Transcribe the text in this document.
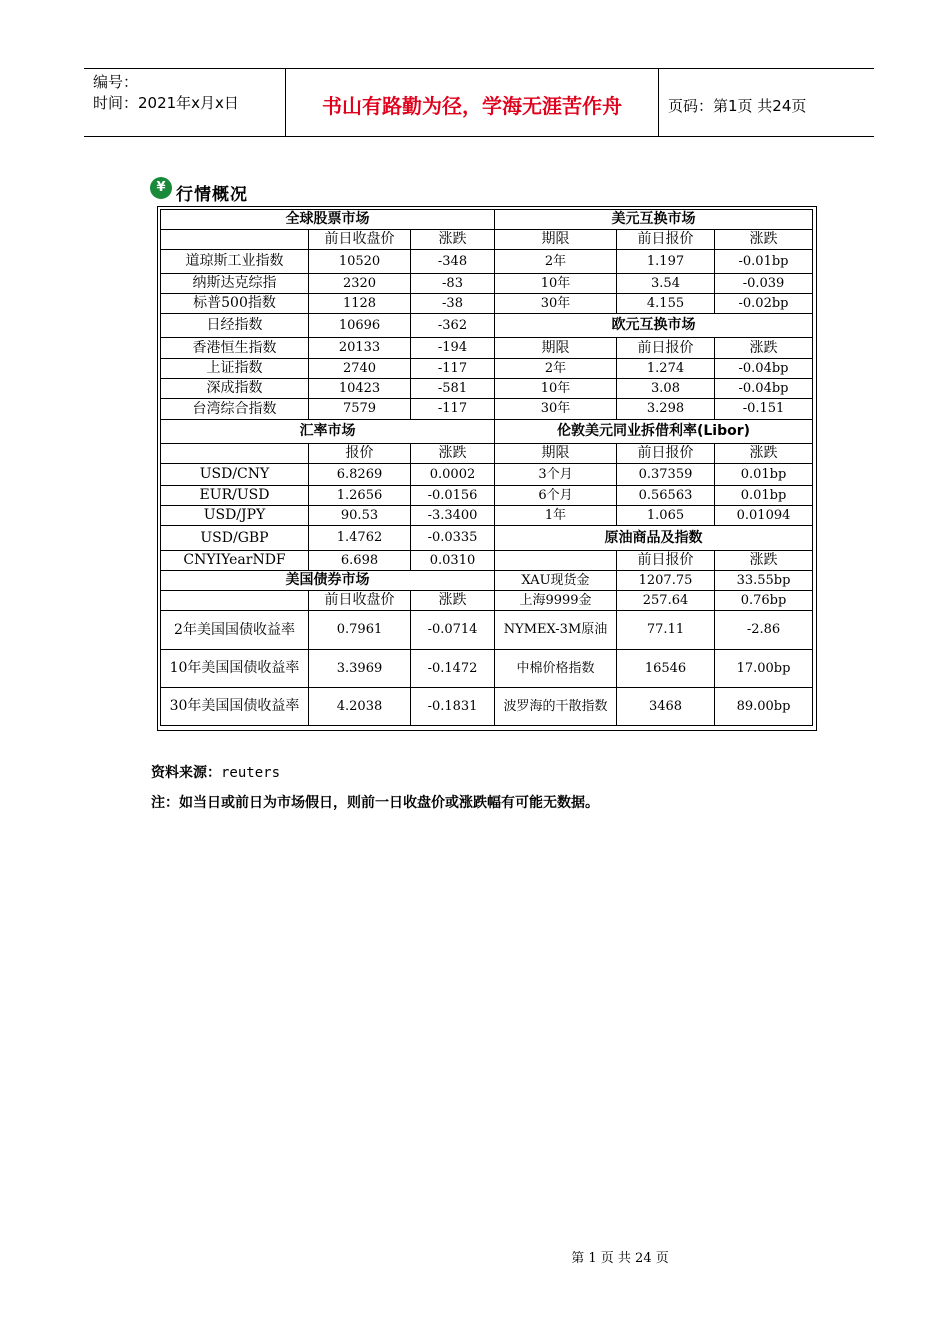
编号：
时间：2021年x月x日	书山有路勤为径，学海无涯苦作舟	页码：第1页 共24页
¥ 行情概况
全球股票市场		
	前日收盘价	涨跌
道琼斯工业指数	10520	-348
纳斯达克综指	2320	-83
标普500指数	1128	-38
日经指数	10696	-362
香港恒生指数	20133	-194
上证指数	2740	-117
深成指数	10423	-581
台湾综合指数	7579	-117
汇率市场		
	报价	涨跌
USD/CNY	6.8269	0.0002
EUR/USD	1.2656	-0.0156
USD/JPY	90.53	-3.3400
USD/GBP	1.4762	-0.0335
CNYIYearNDF	6.698	0.0310
美国债券市场		
	前日收盘价	涨跌
2年美国国债收益率	0.7961	-0.0714
10年美国国债收益率	3.3969	-0.1472
30年美国国债收益率	4.2038	-0.1831
美元互换市场		
期限	前日报价	涨跌
2年	1.197	-0.01bp
10年	3.54	-0.039
30年	4.155	-0.02bp
欧元互换市场		
期限	前日报价	涨跌
2年	1.274	-0.04bp
10年	3.08	-0.04bp
30年	3.298	-0.151
伦敦美元同业拆借利率(Libor)		
期限	前日报价	涨跌
3个月	0.37359	0.01bp
6个月	0.56563	0.01bp
1年	1.065	0.01094
原油商品及指数		
	前日报价	涨跌
XAU现货金	1207.75	33.55bp
上海9999金	257.64	0.76bp
NYMEX-3M原油	77.11	-2.86
中棉价格指数	16546	17.00bp
波罗海的干散指数	3468	89.00bp
资料来源：reuters
注：如当日或前日为市场假日，则前一日收盘价或涨跌幅有可能无数据。
第 1 页 共 24 页
